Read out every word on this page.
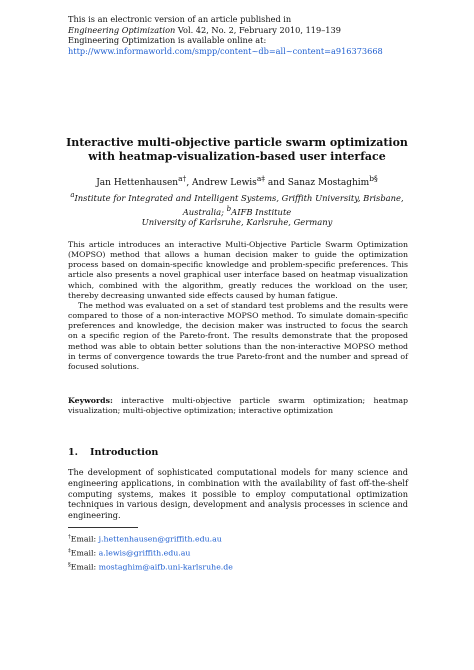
This is an electronic version of an article published in
Engineering Optimization Vol. 42, No. 2, February 2010, 119–139
Engineering Optimization is available online at:
http://www.informaworld.com/smpp/content~db=all~content=a916373668
Interactive multi-objective particle swarm optimization
with heatmap-visualization-based user interface
Jan Hettenhausen$^{a\dagger}$, Andrew Lewis$^{a\ddagger}$ and Sanaz Mostaghim$^{b\S}$
$^a$Institute for Integrated and Intelligent Systems, Griffith University, Brisbane,
Australia; $^b$AIFB Institute
University of Karlsruhe, Karlsruhe, Germany

This article introduces an interactive Multi-Objective Particle Swarm Optimization (MOPSO) method that allows a human decision maker to guide the optimization process based on domain-specific knowledge and problem-specific preferences. This article also presents a novel graphical user interface based on heatmap visualization which, combined with the algorithm, greatly reduces the workload on the user, thereby decreasing unwanted side effects caused by human fatigue.

The method was evaluated on a set of standard test problems and the results were compared to those of a non-interactive MOPSO method. To simulate domain-specific preferences and knowledge, the decision maker was instructed to focus the search on a specific region of the Pareto-front. The results demonstrate that the proposed method was able to obtain better solutions than the non-interactive MOPSO method in terms of convergence towards the true Pareto-front and the number and spread of focused solutions.

Keywords: interactive multi-objective particle swarm optimization; heatmap visualization; multi-objective optimization; interactive optimization
1. Introduction
The development of sophisticated computational models for many science and engineering applications, in combination with the availability of fast off-the-shelf computing systems, makes it possible to employ computational optimization techniques in various design, development and analysis processes in science and engineering.
†Email: j.hettenhausen@griffith.edu.au
‡Email: a.lewis@griffith.edu.au
§Email: mostaghim@aifb.uni-karlsruhe.de
